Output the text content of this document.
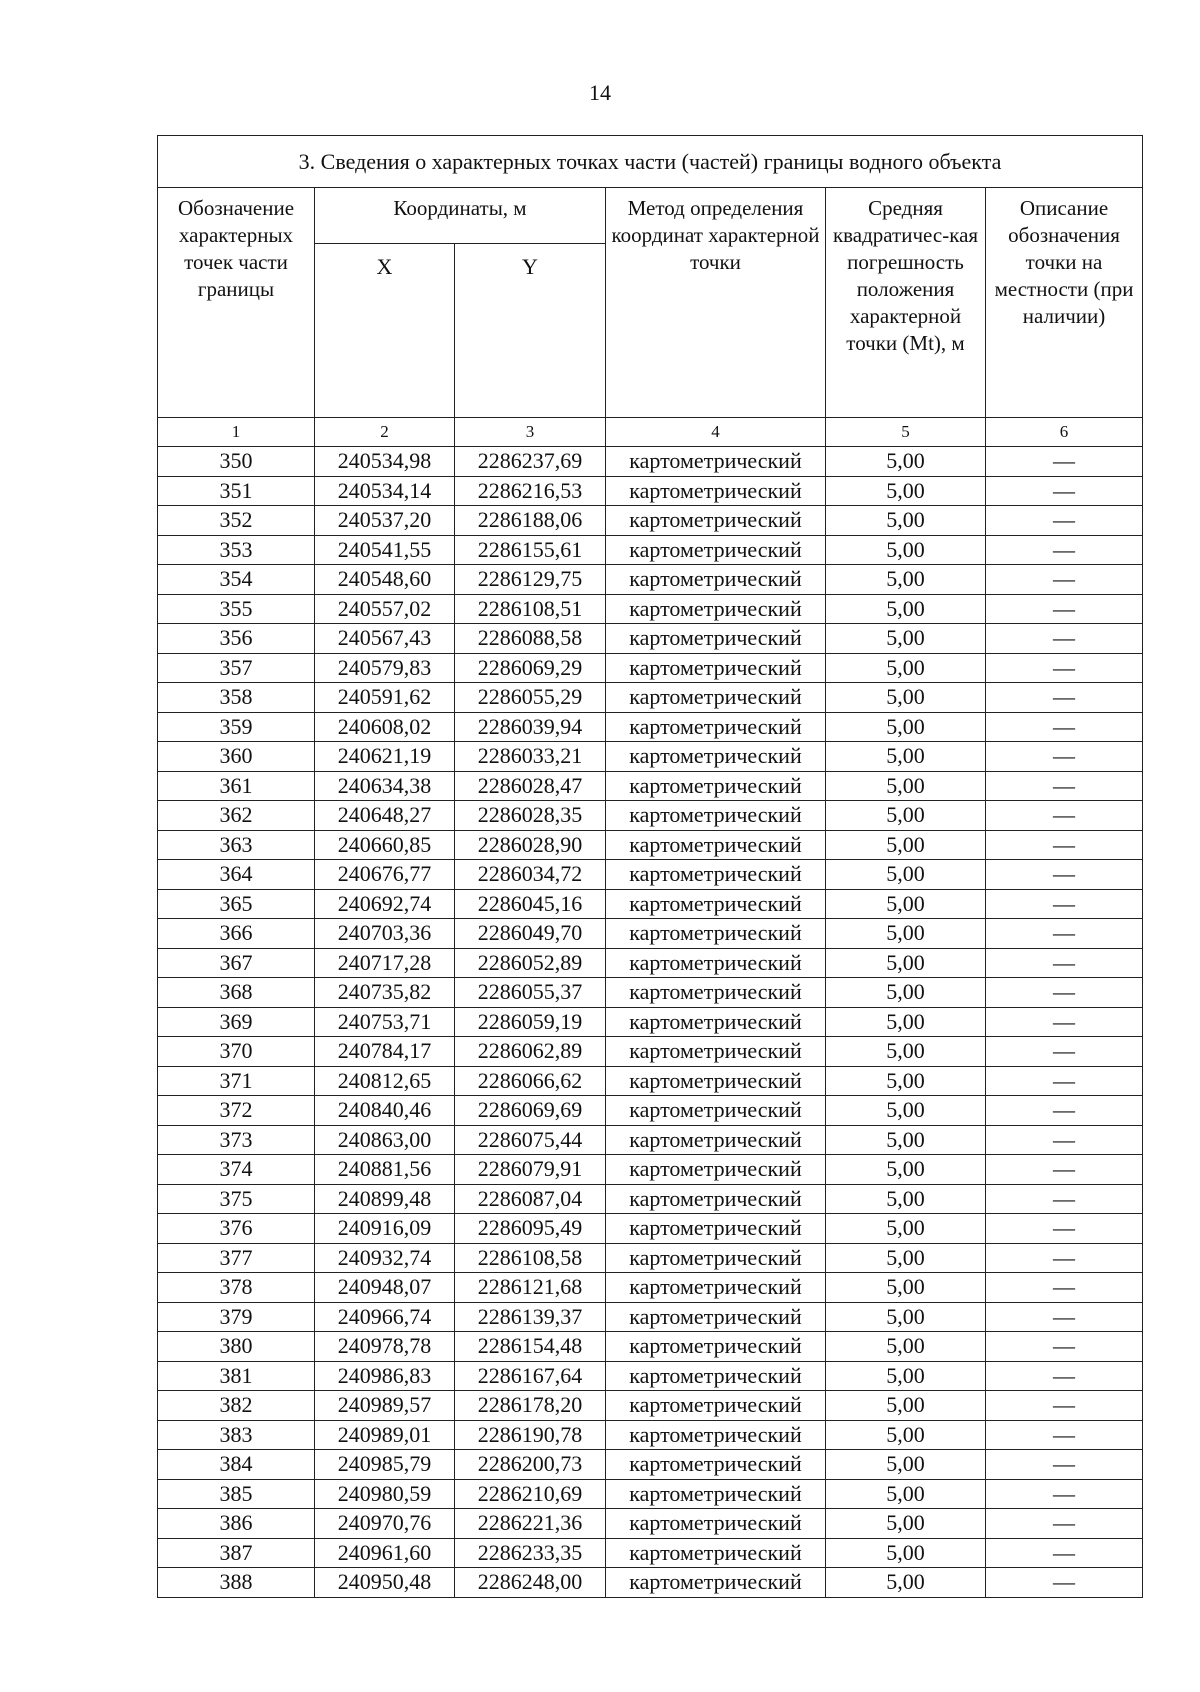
14
3. Сведения о характерных точках части (частей) границы водного объекта					
Обозначение характерных точек части границы	Координаты, м		Метод определения координат характерной точки	Средняя квадратичес-кая погрешность положения характерной точки (Mt), м	Описание обозначения точки на местности (при наличии)
	X	Y			
1	2	3	4	5	6
350	240534,98	2286237,69	картометрический	5,00	—
351	240534,14	2286216,53	картометрический	5,00	—
352	240537,20	2286188,06	картометрический	5,00	—
353	240541,55	2286155,61	картометрический	5,00	—
354	240548,60	2286129,75	картометрический	5,00	—
355	240557,02	2286108,51	картометрический	5,00	—
356	240567,43	2286088,58	картометрический	5,00	—
357	240579,83	2286069,29	картометрический	5,00	—
358	240591,62	2286055,29	картометрический	5,00	—
359	240608,02	2286039,94	картометрический	5,00	—
360	240621,19	2286033,21	картометрический	5,00	—
361	240634,38	2286028,47	картометрический	5,00	—
362	240648,27	2286028,35	картометрический	5,00	—
363	240660,85	2286028,90	картометрический	5,00	—
364	240676,77	2286034,72	картометрический	5,00	—
365	240692,74	2286045,16	картометрический	5,00	—
366	240703,36	2286049,70	картометрический	5,00	—
367	240717,28	2286052,89	картометрический	5,00	—
368	240735,82	2286055,37	картометрический	5,00	—
369	240753,71	2286059,19	картометрический	5,00	—
370	240784,17	2286062,89	картометрический	5,00	—
371	240812,65	2286066,62	картометрический	5,00	—
372	240840,46	2286069,69	картометрический	5,00	—
373	240863,00	2286075,44	картометрический	5,00	—
374	240881,56	2286079,91	картометрический	5,00	—
375	240899,48	2286087,04	картометрический	5,00	—
376	240916,09	2286095,49	картометрический	5,00	—
377	240932,74	2286108,58	картометрический	5,00	—
378	240948,07	2286121,68	картометрический	5,00	—
379	240966,74	2286139,37	картометрический	5,00	—
380	240978,78	2286154,48	картометрический	5,00	—
381	240986,83	2286167,64	картометрический	5,00	—
382	240989,57	2286178,20	картометрический	5,00	—
383	240989,01	2286190,78	картометрический	5,00	—
384	240985,79	2286200,73	картометрический	5,00	—
385	240980,59	2286210,69	картометрический	5,00	—
386	240970,76	2286221,36	картометрический	5,00	—
387	240961,60	2286233,35	картометрический	5,00	—
388	240950,48	2286248,00	картометрический	5,00	—
